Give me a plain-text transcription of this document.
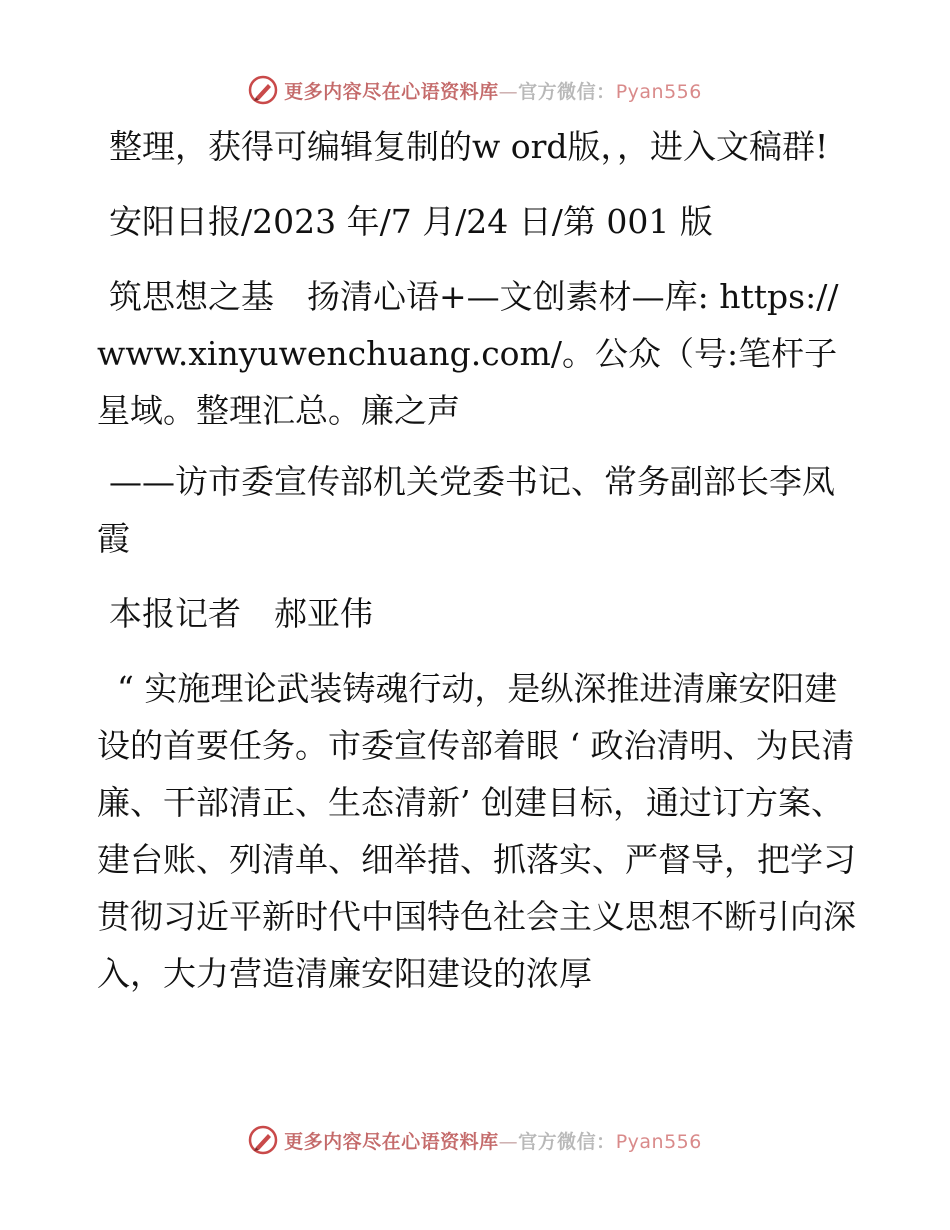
更多内容尽在心语资料库—官方微信：Pyan556

整理，获得可编辑复制的w ord版，，进入文稿群!

安阳日报/2023 年/7 月/24 日/第 001 版

筑思想之基　扬清心语+—文创素材—库: https://www.xinyuwenchuang.com/。公众（号:笔杆子星域。整理汇总。廉之声

——访市委宣传部机关党委书记、常务副部长李凤霞

本报记者　郝亚伟

“ 实施理论武装铸魂行动，是纵深推进清廉安阳建设的首要任务。市委宣传部着眼 ‘ 政治清明、为民清廉、干部清正、生态清新’ 创建目标，通过订方案、建台账、列清单、细举措、抓落实、严督导，把学习贯彻习近平新时代中国特色社会主义思想不断引向深入，大力营造清廉安阳建设的浓厚

更多内容尽在心语资料库—官方微信：Pyan556
